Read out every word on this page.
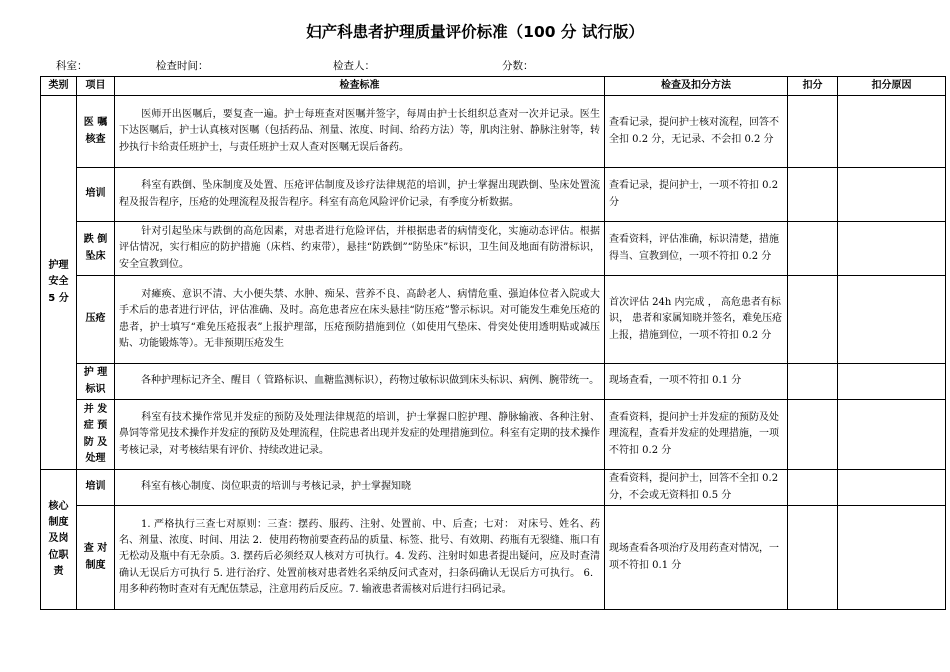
妇产科患者护理质量评价标准（100 分 试行版）
科室：	检查时间：	检查人：	分数：
类别	项目	检查标准	检查及扣分方法	扣分	扣分原因
护理
安全
5 分	医 嘱
核查	医师开出医嘱后，要复查一遍。护士每班查对医嘱并签字，每周由护士长组织总查对一次并记录。医生下达医嘱后，护士认真核对医嘱（包括药品、剂量、浓度、时间、给药方法）等，肌肉注射、静脉注射等，转抄执行卡给责任班护士，与责任班护士双人查对医嘱无误后备药。	查看记录，提问护士核对流程，回答不全扣 0.2 分，无记录、不会扣 0.2 分		
	培训	科室有跌倒、坠床制度及处置、压疮评估制度及诊疗法律规范的培训，护士掌握出现跌倒、坠床处置流程及报告程序，压疮的处理流程及报告程序。科室有高危风险评价记录，有季度分析数据。	查看记录，提问护士，一项不符扣 0.2 分		
	跌 倒
坠床	针对引起坠床与跌倒的高危因素，对患者进行危险评估，并根据患者的病情变化，实施动态评估。根据评估情况，实行相应的防护措施（床档、约束带），悬挂“防跌倒”“防坠床”标识，卫生间及地面有防滑标识，安全宣教到位。	查看资料，评估准确，标识清楚，措施得当、宣教到位，一项不符扣 0.2 分		
	压疮	对瘫痪、意识不清、大小便失禁、水肿、痴呆、营养不良、高龄老人、病情危重、强迫体位者入院或大手术后的患者进行评估，评估准确、及时。高危患者应在床头悬挂“防压疮”警示标识。对可能发生难免压疮的患者，护士填写“难免压疮报表”上报护理部，压疮预防措施到位（如使用气垫床、骨突处使用透明贴或减压贴、功能锻炼等）。无非预期压疮发生	首次评估 24h 内完成 ， 高危患者有标识， 患者和家属知晓并签名，难免压疮上报，措施到位，一项不符扣 0.2 分		
	护 理
标识	各种护理标记齐全、醒目（ 管路标识、血糖监测标识），药物过敏标识做到床头标识、病例、腕带统一。	现场查看，一项不符扣 0.1 分		
	并 发
症 预
防 及
处理	科室有技术操作常见并发症的预防及处理法律规范的培训，护士掌握口腔护理、静脉输液、各种注射、鼻饲等常见技术操作并发症的预防及处理流程，住院患者出现并发症的处理措施到位。科室有定期的技术操作考核记录，对考核结果有评价、持续改进记录。	查看资料，提问护士并发症的预防及处理流程，查看并发症的处理措施，一项不符扣 0.2 分		
核心
制度
及岗
位职
责	培训	科室有核心制度、岗位职责的培训与考核记录，护士掌握知晓	查看资料，提问护士，回答不全扣 0.2 分，不会或无资料扣 0.5 分		
	查 对
制度	1. 严格执行三查七对原则：三查：摆药、服药、注射、处置前、中、后查；七对： 对床号、姓名、药名、剂量、浓度、时间、用法 2．使用药物前要查药品的质量、标签、批号、有效期、药瓶有无裂缝、瓶口有无松动及瓶中有无杂质。3. 摆药后必须经双人核对方可执行。4. 发药、注射时如患者提出疑问，应及时查清确认无误后方可执行 5. 进行治疗、处置前核对患者姓名采纳反问式查对，扫条码确认无误后方可执行。 6．用多种药物时查对有无配伍禁忌，注意用药后反应。7. 输液患者需核对后进行扫码记录。	现场查看各项治疗及用药查对情况，一项不符扣 0.1 分		
